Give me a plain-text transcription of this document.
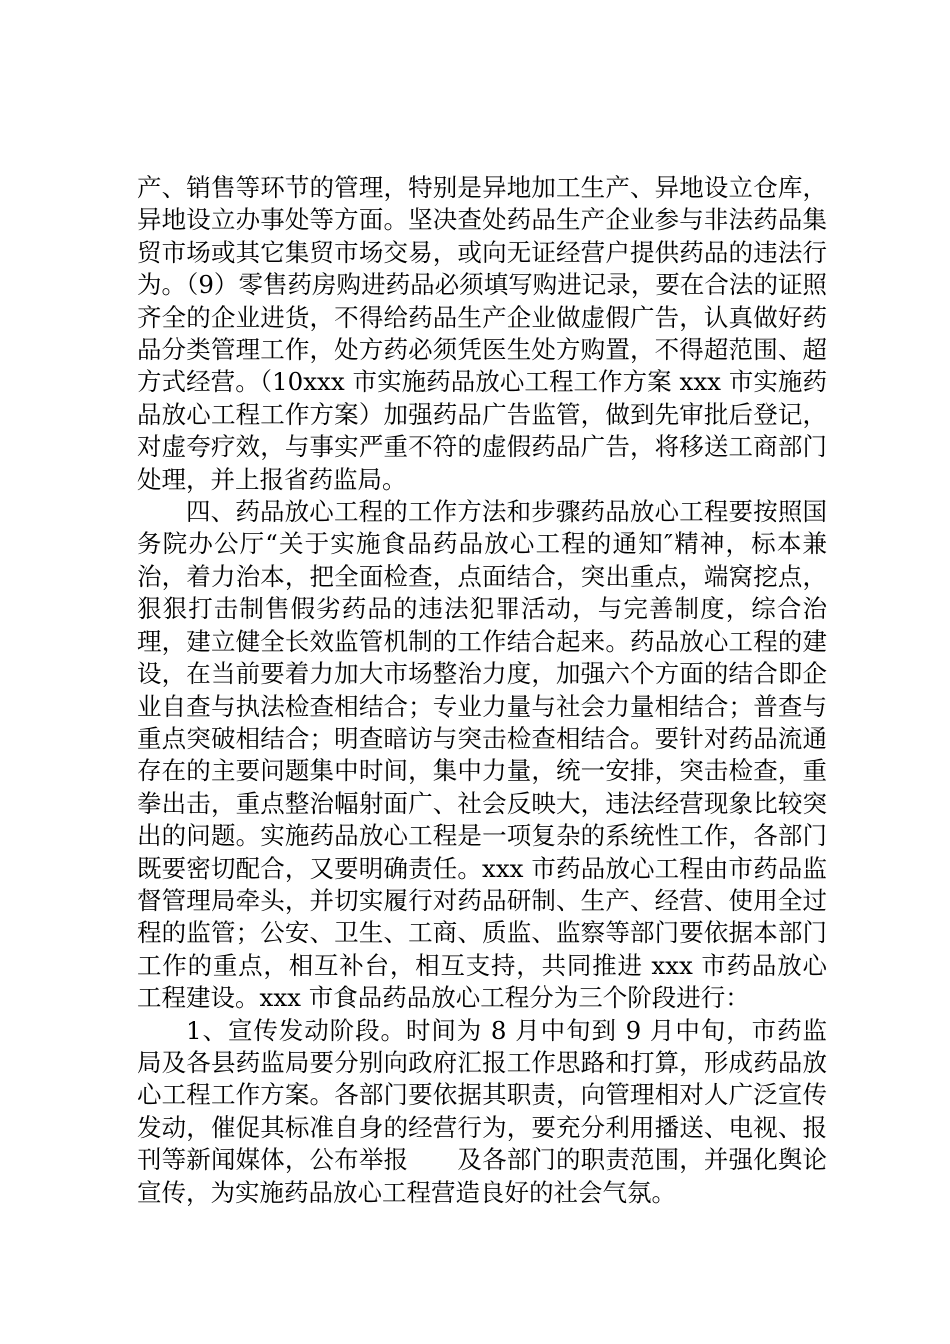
产、销售等环节的管理，特别是异地加工生产、异地设立仓库，异地设立办事处等方面。坚决查处药品生产企业参与非法药品集贸市场或其它集贸市场交易，或向无证经营户提供药品的违法行为。（9）零售药房购进药品必须填写购进记录，要在合法的证照齐全的企业进货，不得给药品生产企业做虚假广告，认真做好药品分类管理工作，处方药必须凭医生处方购置，不得超范围、超方式经营。（10xxx 市实施药品放心工程工作方案 xxx 市实施药品放心工程工作方案）加强药品广告监管，做到先审批后登记，对虚夸疗效，与事实严重不符的虚假药品广告，将移送工商部门处理，并上报省药监局。

四、药品放心工程的工作方法和步骤药品放心工程要按照国务院办公厅“关于实施食品药品放心工程的通知″精神，标本兼治，着力治本，把全面检查，点面结合，突出重点，端窝挖点，狠狠打击制售假劣药品的违法犯罪活动，与完善制度，综合治理，建立健全长效监管机制的工作结合起来。药品放心工程的建设，在当前要着力加大市场整治力度，加强六个方面的结合即企业自查与执法检查相结合；专业力量与社会力量相结合；普查与重点突破相结合；明查暗访与突击检查相结合。要针对药品流通存在的主要问题集中时间，集中力量，统一安排，突击检查，重拳出击，重点整治幅射面广、社会反映大，违法经营现象比较突出的问题。实施药品放心工程是一项复杂的系统性工作，各部门既要密切配合，又要明确责任。xxx 市药品放心工程由市药品监督管理局牵头，并切实履行对药品研制、生产、经营、使用全过程的监管；公安、卫生、工商、质监、监察等部门要依据本部门工作的重点，相互补台，相互支持，共同推进 xxx 市药品放心工程建设。xxx 市食品药品放心工程分为三个阶段进行：

1、宣传发动阶段。时间为 8 月中旬到 9 月中旬，市药监局及各县药监局要分别向政府汇报工作思路和打算，形成药品放心工程工作方案。各部门要依据其职责，向管理相对人广泛宣传发动，催促其标准自身的经营行为，要充分利用播送、电视、报刊等新闻媒体，公布举报　　及各部门的职责范围，并强化舆论宣传，为实施药品放心工程营造良好的社会气氛。
